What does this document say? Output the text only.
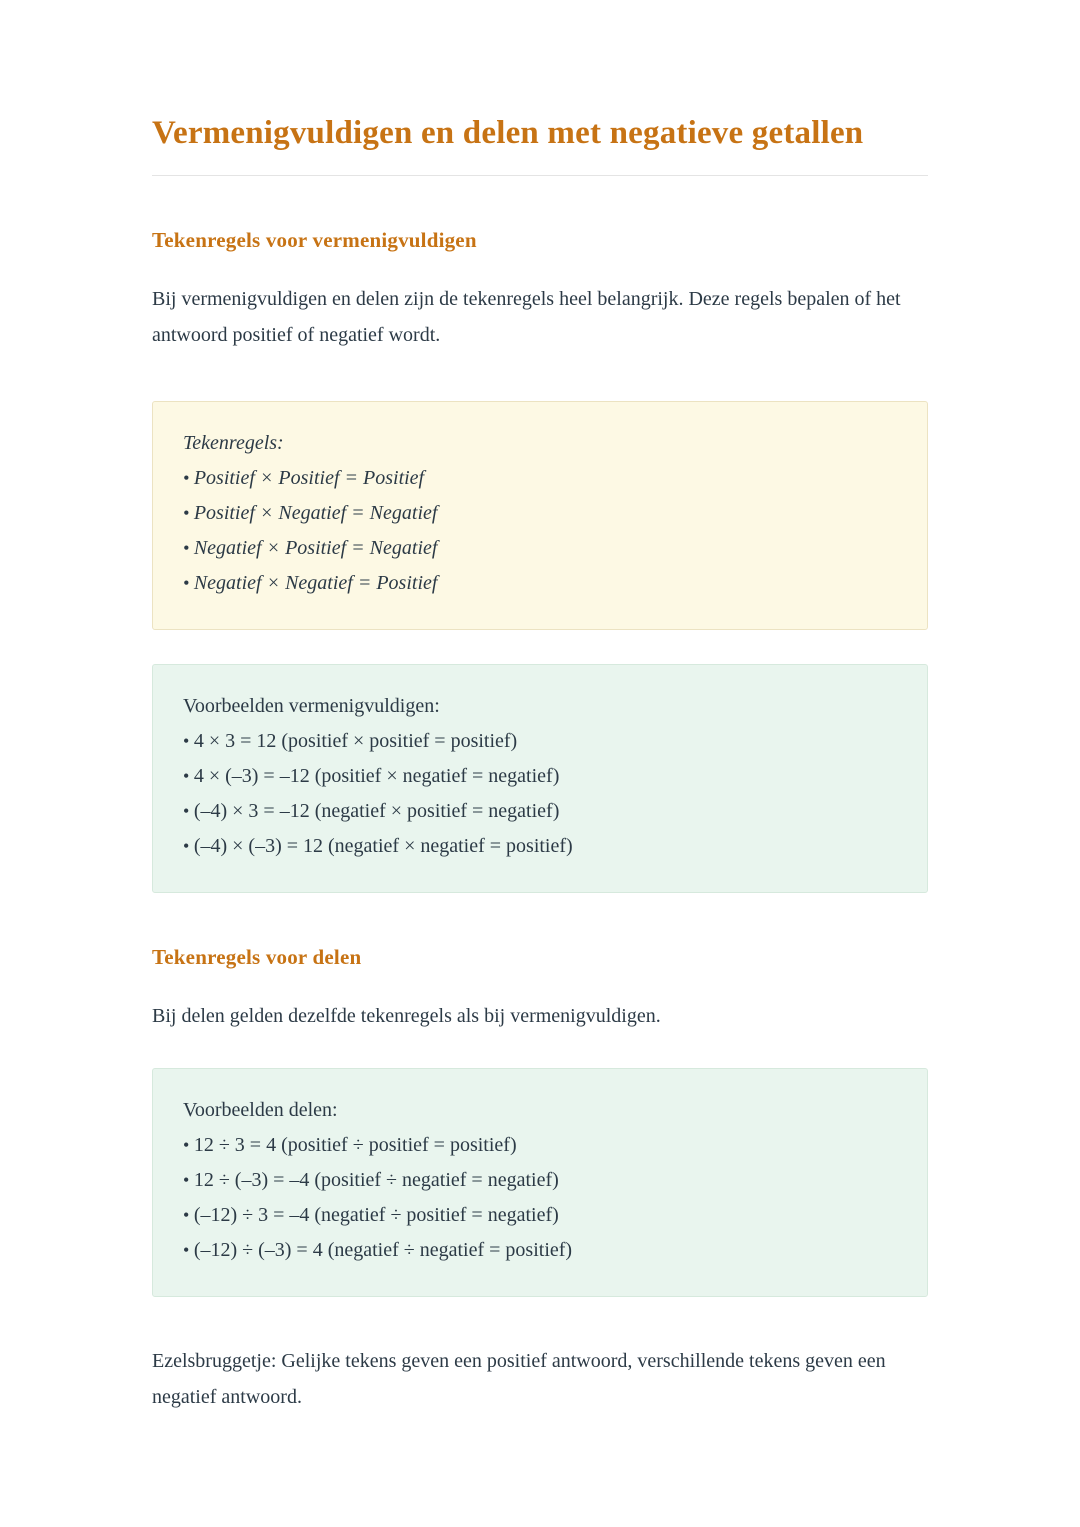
Vermenigvuldigen en delen met negatieve getallen
Tekenregels voor vermenigvuldigen

Bij vermenigvuldigen en delen zijn de tekenregels heel belangrijk. Deze regels bepalen of het antwoord positief of negatief wordt.

Tekenregels:
• Positief × Positief = Positief
• Positief × Negatief = Negatief
• Negatief × Positief = Negatief
• Negatief × Negatief = Positief
Voorbeelden vermenigvuldigen:
• 4 × 3 = 12 (positief × positief = positief)
• 4 × (–3) = –12 (positief × negatief = negatief)
• (–4) × 3 = –12 (negatief × positief = negatief)
• (–4) × (–3) = 12 (negatief × negatief = positief)
Tekenregels voor delen

Bij delen gelden dezelfde tekenregels als bij vermenigvuldigen.

Voorbeelden delen:
• 12 ÷ 3 = 4 (positief ÷ positief = positief)
• 12 ÷ (–3) = –4 (positief ÷ negatief = negatief)
• (–12) ÷ 3 = –4 (negatief ÷ positief = negatief)
• (–12) ÷ (–3) = 4 (negatief ÷ negatief = positief)

Ezelsbruggetje: Gelijke tekens geven een positief antwoord, verschillende tekens geven een negatief antwoord.
